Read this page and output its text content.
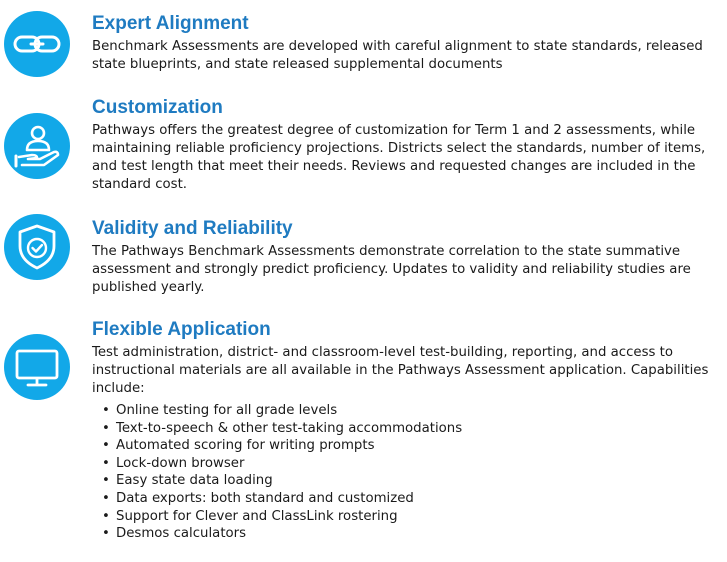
Expert Alignment

Benchmark Assessments are developed with careful alignment to state standards, released state blueprints, and state released supplemental documents

Customization

Pathways offers the greatest degree of customization for Term 1 and 2 assessments, while maintaining reliable proficiency projections. Districts select the standards, number of items, and test length that meet their needs. Reviews and requested changes are included in the standard cost.

Validity and Reliability

The Pathways Benchmark Assessments demonstrate correlation to the state summative assessment and strongly predict proficiency. Updates to validity and reliability studies are published yearly.

Flexible Application

Test administration, district- and classroom-level test-building, reporting, and access to instructional materials are all available in the Pathways Assessment application. Capabilities include:

• Online testing for all grade levels
• Text-to-speech & other test-taking accommodations
• Automated scoring for writing prompts
• Lock-down browser
• Easy state data loading
• Data exports: both standard and customized
• Support for Clever and ClassLink rostering
• Desmos calculators
